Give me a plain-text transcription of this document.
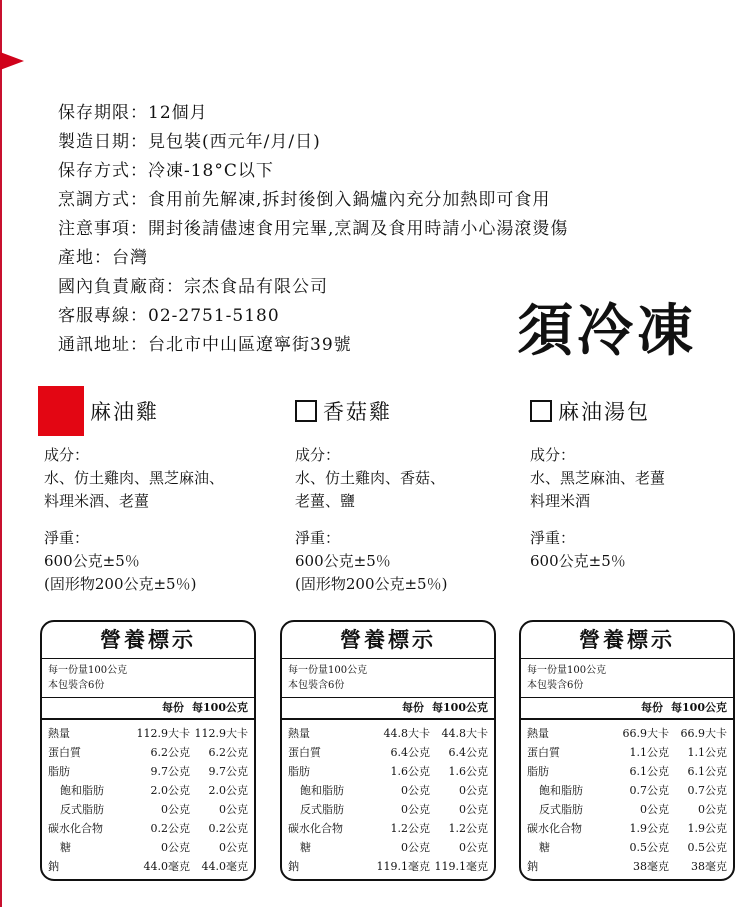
保存期限：12個月
製造日期：見包裝(西元年/月/日)
保存方式：冷凍-18°C以下
烹調方式：食用前先解凍,拆封後倒入鍋爐內充分加熱即可食用
注意事項：開封後請儘速食用完畢,烹調及食用時請小心湯滾燙傷
產地：台灣
國內負責廠商：宗杰食品有限公司
客服專線：02-2751-5180
通訊地址：台北市中山區遼寧街39號	須冷凍
麻油雞
成分：
水、仿土雞肉、黑芝麻油、
料理米酒、老薑
淨重：
600公克±5％
(固形物200公克±5％)
香菇雞
成分：
水、仿土雞肉、香菇、
老薑、鹽
淨重：
600公克±5％
(固形物200公克±5％)
麻油湯包
成分：
水、黑芝麻油、老薑
料理米酒
淨重：
600公克±5％
營養標示
每一份量100公克
本包裝含6份
每份 每100公克
熱量	112.9大卡 112.9大卡
蛋白質	6.2公克	6.2公克
脂肪	9.7公克	9.7公克
飽和脂肪	2.0公克	2.0公克
反式脂肪	0公克	0公克
碳水化合物	0.2公克	0.2公克
糖	0公克	0公克
鈉	44.0毫克	44.0毫克
營養標示
每一份量100公克
本包裝含6份
每份 每100公克
熱量	44.8大卡	44.8大卡
蛋白質	6.4公克	6.4公克
脂肪	1.6公克	1.6公克
飽和脂肪	0公克	0公克
反式脂肪	0公克	0公克
碳水化合物	1.2公克	1.2公克
糖	0公克	0公克
鈉	119.1毫克 119.1毫克
營養標示
每一份量100公克
本包裝含6份
每份 每100公克
熱量	66.9大卡	66.9大卡
蛋白質	1.1公克	1.1公克
脂肪	6.1公克	6.1公克
飽和脂肪	0.7公克	0.7公克
反式脂肪	0公克	0公克
碳水化合物	1.9公克	1.9公克
糖	0.5公克	0.5公克
鈉	38毫克	38毫克
